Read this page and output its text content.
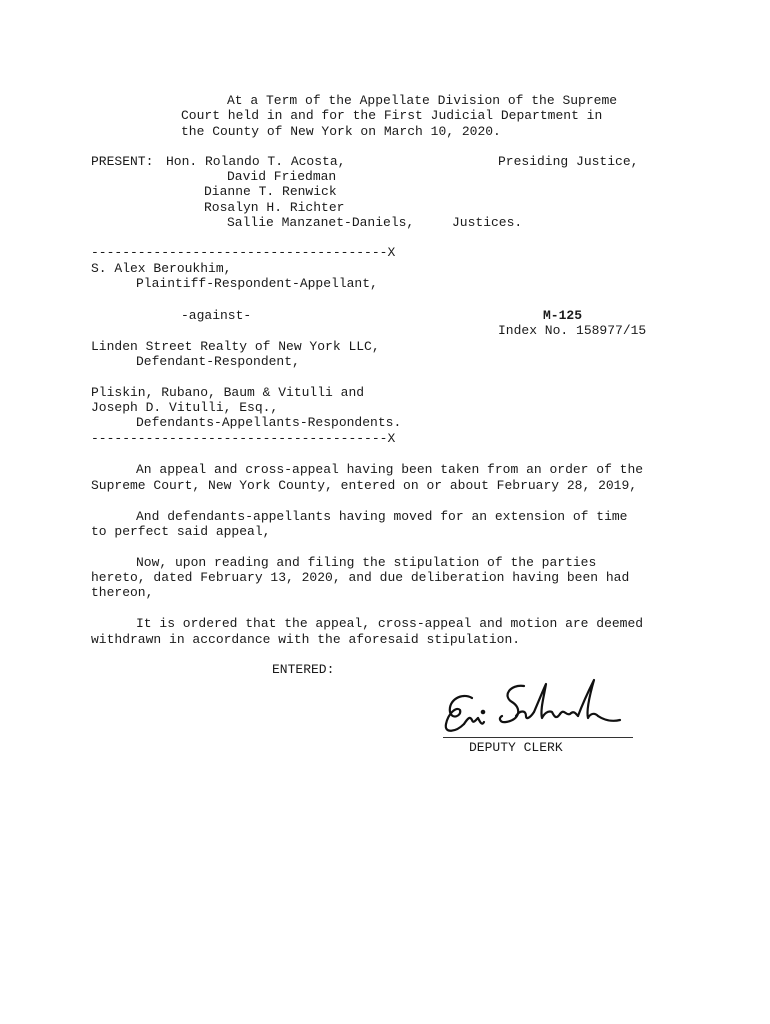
At a Term of the Appellate Division of the Supreme
Court held in and for the First Judicial Department in
the County of New York on March 10, 2020.
PRESENT: Hon. Rolando T. Acosta,	Presiding Justice,
David Friedman
Dianne T. Renwick
Rosalyn H. Richter
Sallie Manzanet-Daniels,	Justices.
--------------------------------------X
S. Alex Beroukhim,
Plaintiff-Respondent-Appellant,
-against-	M-125
Index No. 158977/15
Linden Street Realty of New York LLC,
Defendant-Respondent,
Pliskin, Rubano, Baum & Vitulli and
Joseph D. Vitulli, Esq.,
Defendants-Appellants-Respondents.
--------------------------------------X
An appeal and cross-appeal having been taken from an order of the
Supreme Court, New York County, entered on or about February 28, 2019,
And defendants-appellants having moved for an extension of time
to perfect said appeal,
Now, upon reading and filing the stipulation of the parties
hereto, dated February 13, 2020, and due deliberation having been had
thereon,
It is ordered that the appeal, cross-appeal and motion are deemed
withdrawn in accordance with the aforesaid stipulation.
ENTERED:
DEPUTY CLERK
